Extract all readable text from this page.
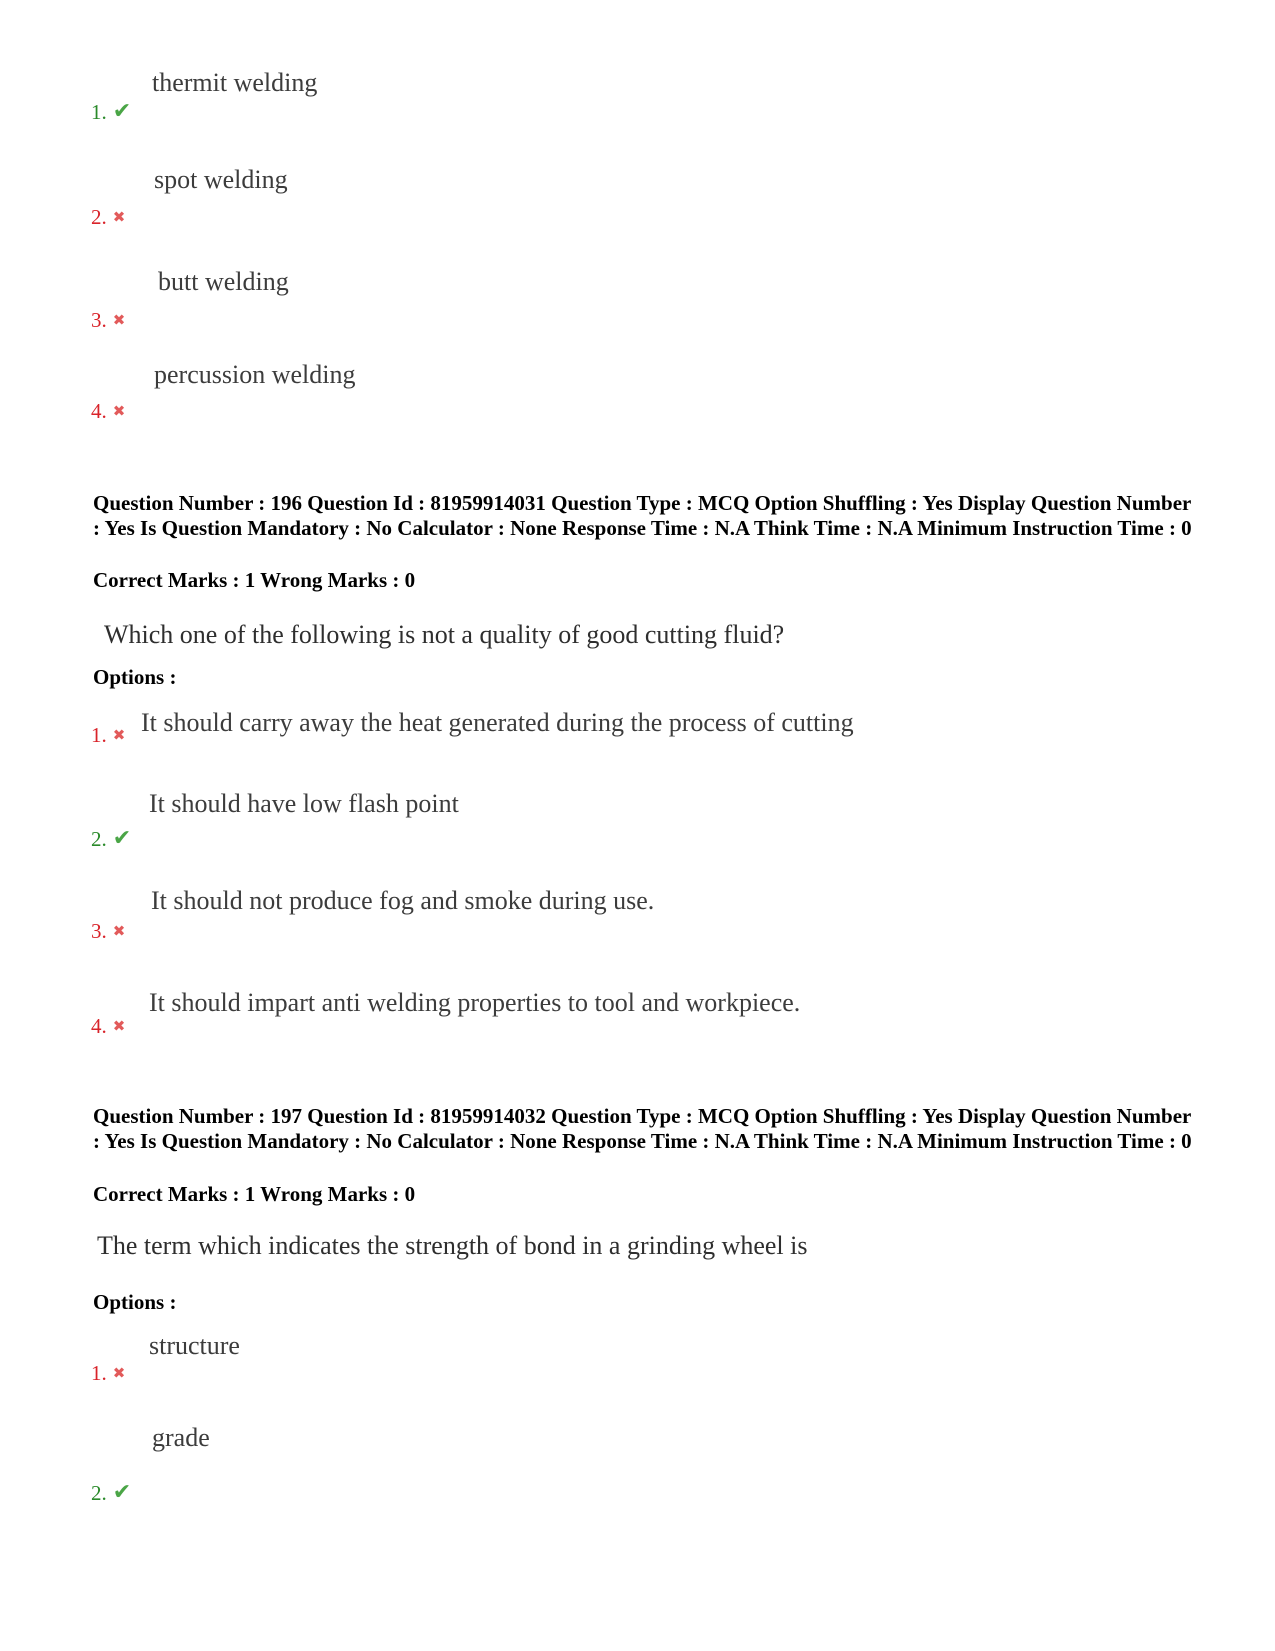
thermit welding
1. ✔
spot welding
2. ✖
butt welding
3. ✖
percussion welding
4. ✖
Question Number : 196 Question Id : 81959914031 Question Type : MCQ Option Shuffling : Yes Display Question Number : Yes Is Question Mandatory : No Calculator : None Response Time : N.A Think Time : N.A Minimum Instruction Time : 0
Correct Marks : 1 Wrong Marks : 0
Which one of the following is not a quality of good cutting fluid?
Options :
1. ✖ It should carry away the heat generated during the process of cutting
It should have low flash point
2. ✔
It should not produce fog and smoke during use.
3. ✖
It should impart anti welding properties to tool and workpiece.
4. ✖
Question Number : 197 Question Id : 81959914032 Question Type : MCQ Option Shuffling : Yes Display Question Number : Yes Is Question Mandatory : No Calculator : None Response Time : N.A Think Time : N.A Minimum Instruction Time : 0
Correct Marks : 1 Wrong Marks : 0
The term which indicates the strength of bond in a grinding wheel is
Options :
structure
1. ✖
grade
2. ✔
